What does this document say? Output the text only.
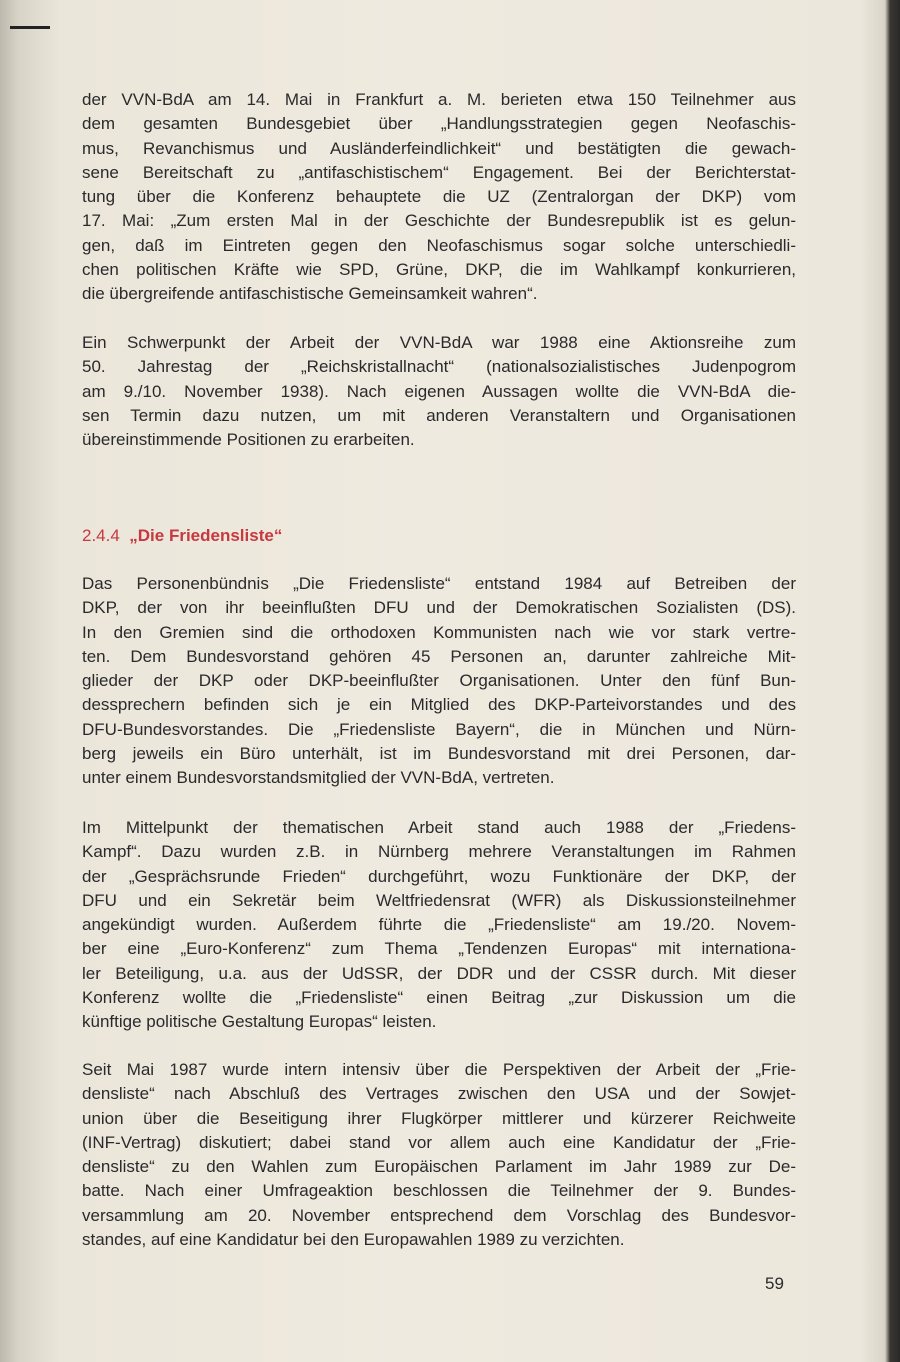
der VVN-BdA am 14. Mai in Frankfurt a. M. berieten etwa 150 Teilnehmer aus
dem gesamten Bundesgebiet über „Handlungsstrategien gegen Neofaschis-
mus, Revanchismus und Ausländerfeindlichkeit“ und bestätigten die gewach-
sene Bereitschaft zu „antifaschistischem“ Engagement. Bei der Berichterstat-
tung über die Konferenz behauptete die UZ (Zentralorgan der DKP) vom
17. Mai: „Zum ersten Mal in der Geschichte der Bundesrepublik ist es gelun-
gen, daß im Eintreten gegen den Neofaschismus sogar solche unterschiedli-
chen politischen Kräfte wie SPD, Grüne, DKP, die im Wahlkampf konkurrieren,
die übergreifende antifaschistische Gemeinsamkeit wahren“.
Ein Schwerpunkt der Arbeit der VVN-BdA war 1988 eine Aktionsreihe zum
50. Jahrestag der „Reichskristallnacht“ (nationalsozialistisches Judenpogrom
am 9./10. November 1938). Nach eigenen Aussagen wollte die VVN-BdA die-
sen Termin dazu nutzen, um mit anderen Veranstaltern und Organisationen
übereinstimmende Positionen zu erarbeiten.
2.4.4 „Die Friedensliste“
Das Personenbündnis „Die Friedensliste“ entstand 1984 auf Betreiben der
DKP, der von ihr beeinflußten DFU und der Demokratischen Sozialisten (DS).
In den Gremien sind die orthodoxen Kommunisten nach wie vor stark vertre-
ten. Dem Bundesvorstand gehören 45 Personen an, darunter zahlreiche Mit-
glieder der DKP oder DKP-beeinflußter Organisationen. Unter den fünf Bun-
dessprechern befinden sich je ein Mitglied des DKP-Parteivorstandes und des
DFU-Bundesvorstandes. Die „Friedensliste Bayern“, die in München und Nürn-
berg jeweils ein Büro unterhält, ist im Bundesvorstand mit drei Personen, dar-
unter einem Bundesvorstandsmitglied der VVN-BdA, vertreten.
Im Mittelpunkt der thematischen Arbeit stand auch 1988 der „Friedens-
Kampf“. Dazu wurden z.B. in Nürnberg mehrere Veranstaltungen im Rahmen
der „Gesprächsrunde Frieden“ durchgeführt, wozu Funktionäre der DKP, der
DFU und ein Sekretär beim Weltfriedensrat (WFR) als Diskussionsteilnehmer
angekündigt wurden. Außerdem führte die „Friedensliste“ am 19./20. Novem-
ber eine „Euro-Konferenz“ zum Thema „Tendenzen Europas“ mit internationa-
ler Beteiligung, u.a. aus der UdSSR, der DDR und der CSSR durch. Mit dieser
Konferenz wollte die „Friedensliste“ einen Beitrag „zur Diskussion um die
künftige politische Gestaltung Europas“ leisten.
Seit Mai 1987 wurde intern intensiv über die Perspektiven der Arbeit der „Frie-
densliste“ nach Abschluß des Vertrages zwischen den USA und der Sowjet-
union über die Beseitigung ihrer Flugkörper mittlerer und kürzerer Reichweite
(INF-Vertrag) diskutiert; dabei stand vor allem auch eine Kandidatur der „Frie-
densliste“ zu den Wahlen zum Europäischen Parlament im Jahr 1989 zur De-
batte. Nach einer Umfrageaktion beschlossen die Teilnehmer der 9. Bundes-
versammlung am 20. November entsprechend dem Vorschlag des Bundesvor-
standes, auf eine Kandidatur bei den Europawahlen 1989 zu verzichten.
59
